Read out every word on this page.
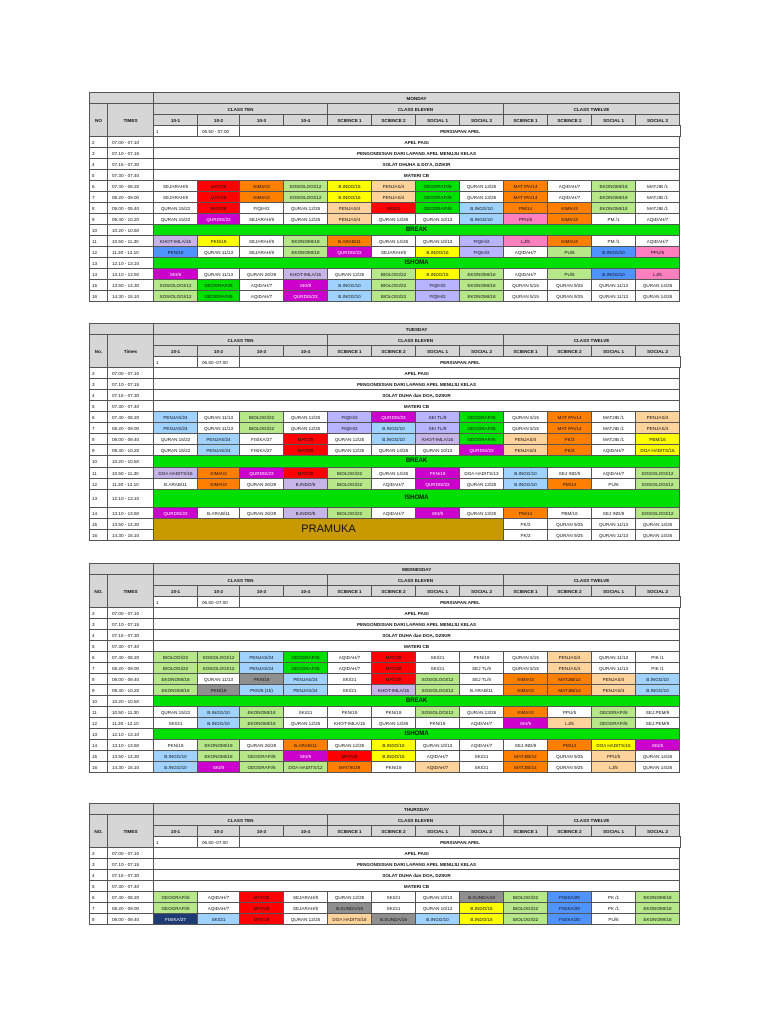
		MONDAY											
NO	TIMES	CLASS TEN				CLASS ELEVEN				CLASS TWELVE			
		10-1	10-2	10-3	10-4	SCIENCE 1	SCIENCE 2	SOCIAL 1	SOCIAL 2	SCIENCE 1	SCIENCE 2	SOCIAL 1	SOCIAL 2
		1	06.50 - 07.00	PERSIAPAN APEL									
2	07.00 - 07.10	APEL PAGI											
3	07.10 - 07.15	PENGONDISIAN DARI LAPANG APEL MENUJU KELAS											
4	07.15 - 07.30	SOLAT DHUHA & DO'A, DZIKIR											
5	07.30 - 07.40	MATERI CB											
6	07.40 - 08.20	SEJARAH/9	MAT/29	KIMIA/3	SOSIOLOGI/12	B.INDO/16	PENJAS/4	GEOGRAFI/6	QURAN 13/25	MAT IPA/14	AQIDAH/7	EKONOMI/18	MATJIB /1
7	08.20 - 09.00	SEJARAH/9	MAT/29	KIMIA/3	SOSIOLOGI/12	B.INDO/16	PENJAS/4	GEOGRAFI/6	QURAN 13/25	MAT IPA/14	AQIDAH/7	EKONOMI/18	MATJIB /1
8	09.00 - 09.40	QURAN 15/22	MAT/29	FIQIH/2	QURAN 12/25	PENJAS/4	SKI/21	GEOGRAFI/6	B.INGG/10	PM/14	KIMIA/3	EKONOMI/18	MATJIB /1
9	09.40 - 10.20	QURAN 15/22	QURDIS/23	SEJARAH/9	QURAN 12/25	PENJAS/4	QURAN 14/26	QURAN 10/13	B.INGG/10	PPU/5	KIMIA/3	PM /1	AQIDAH/7
10	10.20 - 10.50	BREAK											
11	10.50 - 11.30	KHOT-IMLA/15	PKN/19	SEJARAH/9	EKONOMI/18	B.ARAB/11	QURAN 14/26	QURAN 10/13	FIQIH/2	LJ/5	KIMIA/3	PM /1	AQIDAH/7
12	11.30 - 12.10	PKN/19	QURAN 11/13	SEJARAH/9	EKONOMI/18	QURDIS/23	SEJARAH/9	B.INDO/16	FIQIH/2	AQIDAH/7	PU/6	B.INGG/10	PPU/5
13	12.10 - 13.10	ISHOMA											
14	13.10 - 13.50	SKI/9	QURAN 11/13	QURAN 26/29	KHOT-IMLA/15	QURAN 12/25	BIOLOGI/22	B.INDO/16	EKONOMI/18	AQIDAH/7	PU/6	B.INGG/10	LJ/5
15	13.50 - 14.30	SOSIOLOGI/12	GEOGRAFI/6	AQIDAH/7	SKI/9	B.INGG/10	BIOLOGI/22	FIQIH/2	EKONOMI/18	QURAN 5/15	QURAN 9/25	QURAN 11/13	QURAN 14/26
16	14.30 - 15.10	SOSIOLOGI/12	GEOGRAFI/6	AQIDAH/7	QURDIS/23	B.INGG/10	BIOLOGI/22	FIQIH/2	EKONOMI/18	QURAN 5/15	QURAN 9/25	QURAN 11/13	QURAN 14/26
		TUESDAY											
No.	Times	CLASS TEN				CLASS ELEVEN				CLASS TWELVE			
		10-1	10-2	10-3	10-4	SCIENCE 1	SCIENCE 2	SOCIAL 1	SOCIAL 2	SCIENCE 1	SCIENCE 2	SOCIAL 1	SOCIAL 2
		1	06.50 -07.00	PERSIAPAN APEL									
2	07.00 - 07.10	APEL PAGI											
3	07.10 - 07.15	PENGONDISIAN DARI LAPANG APEL MENUJU KELAS											
4	07.15 - 07.30	SOLAT DUHA dan DOA, DZIKIR											
5	07.30 - 07.40	MATERI CB											
6	07.40 - 08.20	PENJAS/24	QURAN 11/13	BIOLOGI/22	QURAN 12/25	FIQIH/2	QURDIS/23	SKI TL/9	GEOGRAFI/6	QURAN 5/15	MAT IPA/14	MATJIB /1	PENJAS/4
7	08.20 - 09.00	PENJAS/24	QURAN 11/13	BIOLOGI/22	QURAN 12/25	FIQIH/2	B.INGG/10	SKI TL/9	GEOGRAFI/6	QURAN 5/15	MAT IPA/14	MATJIB /1	PENJAS/4
8	09.00 - 09.40	QURAN 15/22	PENJAS/24	FISIKA/27	MAT/29	QURAN 12/25	B.INGG/10	KHOT-IMLA/15	GEOGRAFI/6	PENJAS/4	PK/3	MATJIB /1	PBM/16
9	09.40 - 10.20	QURAN 15/22	PENJAS/24	FISIKA/27	MAT/29	QURAN 12/25	QURAN 14/26	QURAN 10/13	QURDIS/23	PENJAS/4	PK/3	AQIDAH/7	DOA HADITS/16
10	10.20 - 10.50	BREAK											
11	10.50 - 11.30	DOA HADITS/15	KIMIA/3	QURDIS/23	MAT/29	BIOLOGI/22	QURAN 14/26	PKN/19	DOA HADITS/13	B.INGG/10	SEJ IND/9	AQIDAH/7	SOSIOLOGI/12
12	11.30 - 12.10	B.ARAB/11	KIMIA/3	QURAN 26/29	B.INDO/5	BIOLOGI/22	AQIDAH/7	QURDIS/23	QURAN 13/25	B.INGG/10	PM/14	PU/6	SOSIOLOGI/12
13	12.10 - 13.10	ISHOMA											
14	13.10 - 13.50	QURDIS/23	B.ARAB/11	QURAN 26/29	B.INDO/5	BIOLOGI/22	AQIDAH/7	SKI/9	QURAN 13/25	PM/14	PBM/16	SEJ IND/9	SOSIOLOGI/12
15	13.50 - 14.30	PRAMUKA								PK/3	QURAN 9/25	QURAN 11/13	QURAN 14/26
16	14.30 - 15.10									PK/3	QURAN 9/25	QURAN 11/13	QURAN 14/26
		WEDNESDAY											
NO.	TIMES	CLASS TEN				CLASS ELEVEN				CLASS TWELVE			
		10-1	10-2	10-3	10-4	SCIENCE 1	SCIENCE 2	SOCIAL 1	SOCIAL 2	SCIENCE 1	SCIENCE 2	SOCIAL 1	SOCIAL 2
		1	06.50 -07.00	PERSIAPAN APEL									
2	07.00 - 07.10	APEL PAGI											
3	07.10 - 07.15	PENGONDISIAN DARI LAPANG APEL MENUJU KELAS											
4	07.15 - 07.30	SOLAT DUHA dan DOA, DZIKIR											
5	07.30 - 07.40	MATERI CB											
6	07.40 - 08.20	BIOLOGI/22	SOSIOLOGI/12	PENJAS/24	GEOGRAFI/6	AQIDAH/7	MAT/29	SKI/21	PKN/19	QURAN 5/15	PENJAS/4	QURAN 11/13	PIK /1
7	08.20 - 09.00	BIOLOGI/22	SOSIOLOGI/12	PENJAS/24	GEOGRAFI/6	AQIDAH/7	MAT/29	SKI/21	SEJ TL/9	QURAN 5/15	PENJAS/4	QURAN 11/13	PIK /1
8	09.00 - 09.40	EKONOMI/18	QURAN 11/13	PKN/19	PENJAS/24	SKI/21	MAT/29	SOSIOLOGI/12	SEJ TL/9	KIMIA/3	MATJIB/14	PENJAS/4	B.INGG/10
9	09.40 - 10.20	EKONOMI/18	PKN/19	PKN/9 (15)	PENJAS/24	SKI/21	KHOT-IMLA/15	SOSIOLOGI/12	B.ARAB/11	KIMIA/3	MATJIB/14	PENJAS/4	B.INGG/10
10	10.20 - 10.50	BREAK											
11	10.50 - 11.30	QURAN 15/22	B.INGG/10	EKONOMI/18	SKI/21	PKN/19	PKN/19	SOSIOLOGI/12	QURAN 13/25	KIMIA/3	PPU/5	GEOGRAFI/6	SEJ.PEM/9
12	11.30 - 12.10	SKI/21	B.INGG/10	EKONOMI/18	QURAN 12/25	KHOT-IMLA/15	QURAN 14/26	PKN/19	AQIDAH/7	SKI/9	LJ/5	GEOGRAFI/6	SEJ.PEM/9
13	12.10 - 13.10	ISHOMA											
14	13.10 - 13.50	PKN/19	EKONOMI/18	QURAN 26/29	B.ARAB/11	QURAN 12/25	B.INDO/16	QURAN 10/13	AQIDAH/7	SEJ.IND/9	PM/14	DOA HADITS/16	SKI/5
15	13.50 - 14.30	B.INGG/10	EKONOMI/18	GEOGRAFI/6	SKI/9	MAT/29	B.INDO/16	AQIDAH/7	SKI/21	MATJIB/14	QURAN 9/25	PPU/5	QURAN 14/26
16	14.30 - 15.10	B.INGG/10	SKI/9	GEOGRAFI/6	DOA HADITS/12	MAT/IK/29	PKN/19	AQIDAH/7	SKI/21	MATJIB/14	QURAN 9/25	LJ/5	QURAN 14/26
		THURSDAY											
NO.	TIMES	CLASS TEN				CLASS ELEVEN				CLASS TWELVE			
		10-1	10-2	10-3	10-4	SCIENCE 1	SCIENCE 2	SOCIAL 1	SOCIAL 2	SCIENCE 1	SCIENCE 2	SOCIAL 1	SOCIAL 2
		1	06.50 -07.00	PERSIAPAN APEL									
2	07.00 - 07.10	APEL PAGI											
3	07.10 - 07.15	PENGONDISIAN DARI LAPANG APEL MENUJU KELAS											
4	07.15 - 07.30	SOLAT DUHA dan DOA, DZIKIR											
5	07.30 - 07.40	MATERI CB											
6	07.40 - 08.20	GEOGRAFI/6	AQIDAH/7	MAT/29	SEJARAH/9	QURAN 12/25	SKI/21	QURAN 10/13	B.SUNDA/19	BIOLOGI/22	FISIKA/20	PK /1	EKONOMI/18
7	08.20 - 09.00	GEOGRAFI/6	AQIDAH/7	MAT/29	SEJARAH/9	B.SUNDA/19	SKI/21	QURAN 10/13	B.INDO/16	BIOLOGI/22	FISIKA/20	PK /1	EKONOMI/18
8	09.00 - 09.40	FISIKA/27	SKI/21	MAT/29	QURAN 12/25	DOA HADITS/16	B.SUNDA/19	B.INGG/10	B.INDO/16	BIOLOGI/22	FISIKA/20	PU/6	EKONOMI/18
